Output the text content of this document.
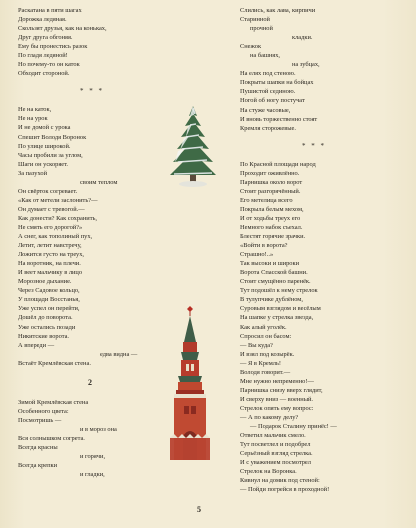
Раскатана в пяти шагах
Дорожка ледяная.
Скользят друзья, как на коньках,
Друг друга обгоняя.
Ему бы пронестись разок
По гладя ледяной!
Но почему-то он каток
Обходит стороной.
* * *
Не на каток,
Не на урок
И не домой с урока
Спешит Володя Воронок
По улице широкой.
Часы пробили за углом,
Шаги он ускоряет.
За пазухой
своим теплом
Он свёрток согревает.
«Как от метели заслонить?—
Он думает с тревогой.—
Как донести? Как сохранить,
Не смять его дорогой?»
А снег, как тополиный пух,
Летит, летит навстречу,
Ложится густо на треух,
На воротник, на плечи.
И веет мальчику в лицо
Морозное дыхание.
Через Садовое кольцо,
У площади Восстанья,
Уже успел он перейти,
Дошёл до поворота.
Уже остались позади
Никитские ворота.
А впереди —
едва видна —
Встаёт Кремлёвская стена.
2
Зимой Кремлёвская стена
Особенного цвета:
Посмотришь —
и в мороз она
Вся солнышком согрета.
Всегда красны
и горячи,
Всегда крепки
и гладки,
Слились, как лава, кирпичи
Старинной
прочной
кладки.
Снежок
на башнях,
на зубцах,
На елях под стеною.
Покрыты шапки на бойцах
Пушистой сединою.
Ногой об ногу постучат
На стуже часовые,
И вновь торжественно стоят
Кремля сторожевые.
* * *
По Красной площади народ
Проходит оживлённо.
Парнишка около ворот
Стоит разгорячённый.
Его метелица всего
Покрыла белым мехом,
И от ходьбы треух его
Немного набок съехал.
Блестят горячие зрачки.
«Войти в ворота?
Страшно!..»
Так высоки и широки
Ворота Спасской башни.
Стоит смущённо паренёк.
Тут подошёл к нему стрелок
В тулупчике дублёном,
Суровым взглядом и весёлым
На шапке у стрелка звезда,
Как алый уголёк.
Спросил он басом:
— Вы куда?
И взял под козырёк.
— Я в Кремль!
Володя говорит.—
Мне нужно непременно!—
Парнишка снизу вверх глядит,
И сверху вниз — военный.
Стрелок опять ему вопрос:
— А по какому делу?
— Подарок Сталину принёс! —
Ответил мальчик смело.
Тут посветлел и подобрел
Серьёзный взгляд стрелка.
И с уважением посмотрел
Стрелок на Воронка.
Кивнул на домик под стеной:
— Пойди погрейся в проходной!
5
